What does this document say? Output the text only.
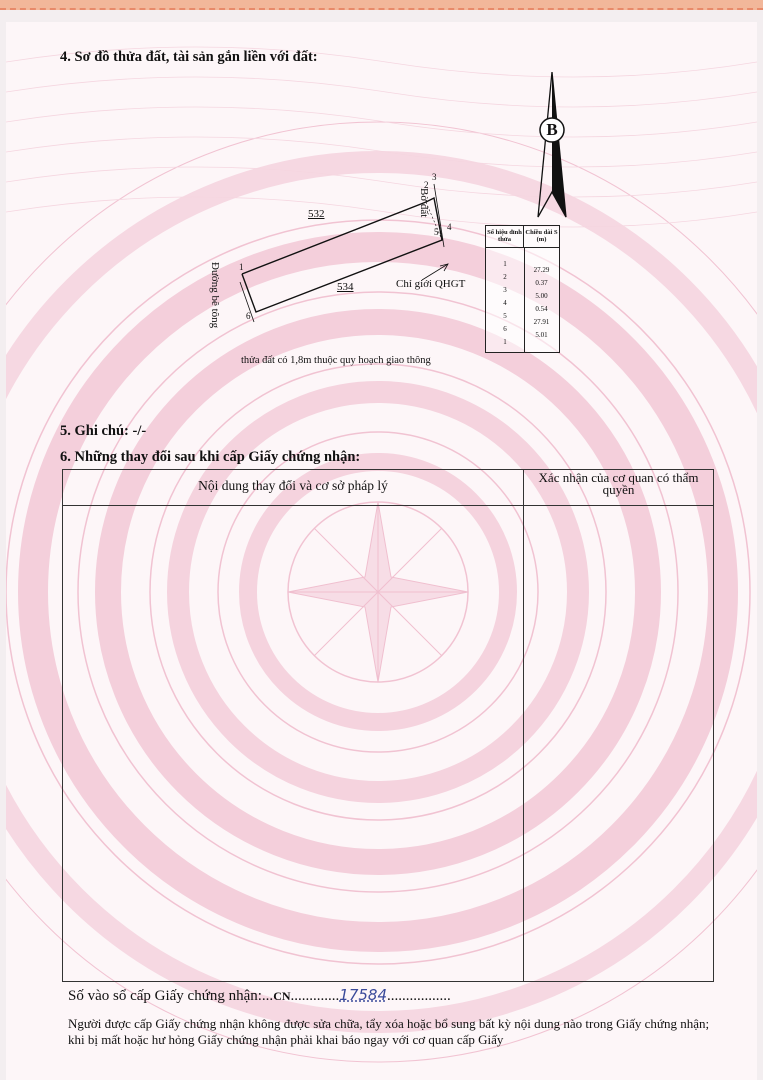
4. Sơ đồ thửa đất, tài sản gắn liền với đất:
B
532
534
Bờ đất
Đường bê tông	Chỉ giới QHGT
1
2
3
4
5
6
thửa đất có 1,8m thuộc quy hoạch giao thông
Số hiệu đỉnh thửa
Chiều dài S (m)
1
2
3
4
5
6
1
27.29
0.37
5.00
0.54
27.91
5.01
5. Ghi chú: -/-
6. Những thay đổi sau khi cấp Giấy chứng nhận:
Nội dung thay đổi và cơ sở pháp lý
Xác nhận của cơ quan có thẩm quyền
Số vào sổ cấp Giấy chứng nhận:...CN.............17584.................
Người được cấp Giấy chứng nhận không được sửa chữa, tẩy xóa hoặc bổ sung bất kỳ nội dung nào trong Giấy chứng nhận; khi bị mất hoặc hư hỏng Giấy chứng nhận phải khai báo ngay với cơ quan cấp Giấy
